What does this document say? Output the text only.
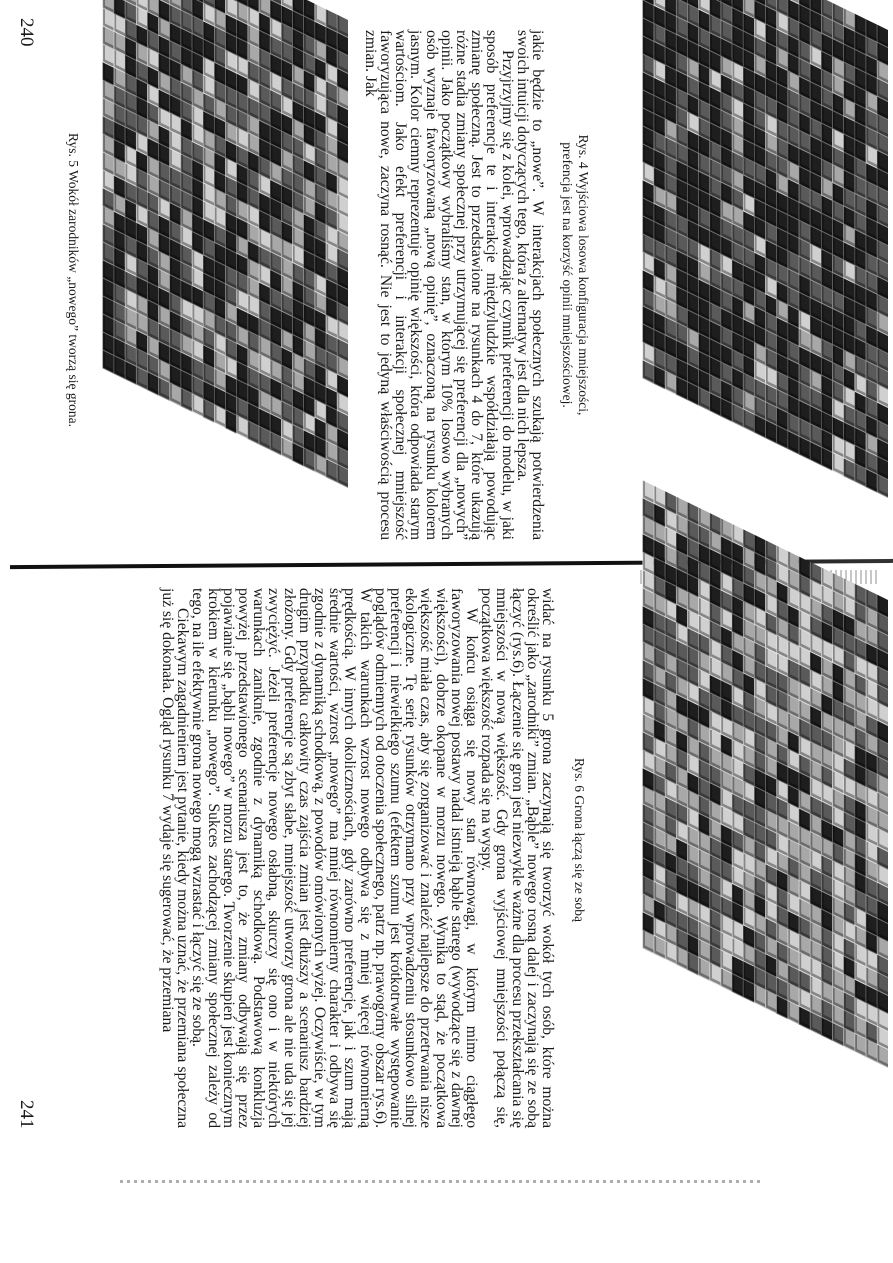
240
Rys. 4 Wyjściowa losowa konfiguracja mniejszości,
prefencja jest na korzyść opinii mniejszościowej.

jakie będzie to „nowe”. W interakcjach społecznych szukają potwierdzenia swoich intuicji dotyczących tego, która z alternatyw jest dla nich lepsza.

Przyjrzyjmy się z kolei, wprowadzając czynnik preferencji do modelu, w jaki sposób preferencje te i interakcje międzyludzkie współdziałają powodując zmianę społeczną. Jest to przedstawione na rysunkach 4 do 7, które ukazują różne stadia zmiany społecznej przy utrzymującej się preferencji dla „nowych” opinii. Jako początkowy wybraliśmy stan, w którym 10% losowo wybranych osób wyznaje faworyzowaną „nową opinię”, oznaczoną na rysunku kolorem jasnym. Kolor ciemny reprezentuje opinię większości, która odpowiada starym wartościom. Jako efekt preferencji i interakcji społecznej mniejszość faworyzująca nowe, zaczyna rosnąć. Nie jest to jedyną właściwością procesu zmian. Jak

Rys. 5 Wokół zarodników „nowego” tworzą się grona.
Rys. 6 Grona łączą się ze sobą

widać na rysunku 5 grona zaczynają się tworzyć wokół tych osób, które można określić jako „zarodniki” zmian. „Bąble” nowego rosną dalej i zaczynają się ze sobą łączyć (rys.6). Łączenie się gron jest niezwykle ważne dla procesu przekształcania się mniejszości w nową większość. Gdy grona wyjściowej mniejszości połączą się, początkowa większość rozpada się na wyspy.

W końcu osiąga się nowy stan równowagi, w którym mimo ciągłego faworyzowania nowej postawy nadal istnieją bąble starego (wywodzące się z dawnej większości), dobrze okopane w morzu nowego. Wynika to stąd, że początkowa większość miała czas, aby się zorganizować i znaleźć najlepsze do przetrwania nisze ekologiczne. Tę serię rysunków otrzymano przy wprowadzeniu stosunkowo silnej preferencji i niewielkiego szumu (efektem szumu jest krótkotrwałe występowanie poglądów odmiennych od otoczenia społecznego, patrz np. prawogórny obszar rys.6). W takich warunkach wzrost nowego odbywa się z mniej więcej równomierną prędkością. W innych okolicznościach, gdy zarówno preferencje, jak i szum mają średnie wartości, wzrost „nowego” ma mniej równomierny charakter i odbywa się zgodnie z dynamiką schodkową, z powodów omówionych wyżej. Oczywiście, w tym drugim przypadku całkowity czas zajścia zmian jest dłuższy a scenariusz bardziej złożony. Gdy preferencje są zbyt słabe, mniejszość utworzy grona ale nie uda się jej zwyciężyć. Jeżeli preferencje nowego osłabną, skurczy się ono i w niektórych warunkach zaniknie, zgodnie z dynamiką schodkową. Podstawową konkluzja powyżej przedstawionego scenariusza jest to, że zmiany odbywają się przez pojawianie się „bąbli nowego” w morzu starego. Tworzenie skupień jest koniecznym krokiem w kierunku „nowego”. Sukces zachodzącej zmiany społecznej zależy od tego, na ile efektywnie grona nowego mogą wzrastać i łączyć się ze sobą.

Ciekawym zagadnieniem jest pytanie, kiedy można uznać, że przemiana społeczna już się dokonała. Ogląd rysunku 7 wydaje się sugerować, że przemiana

241
